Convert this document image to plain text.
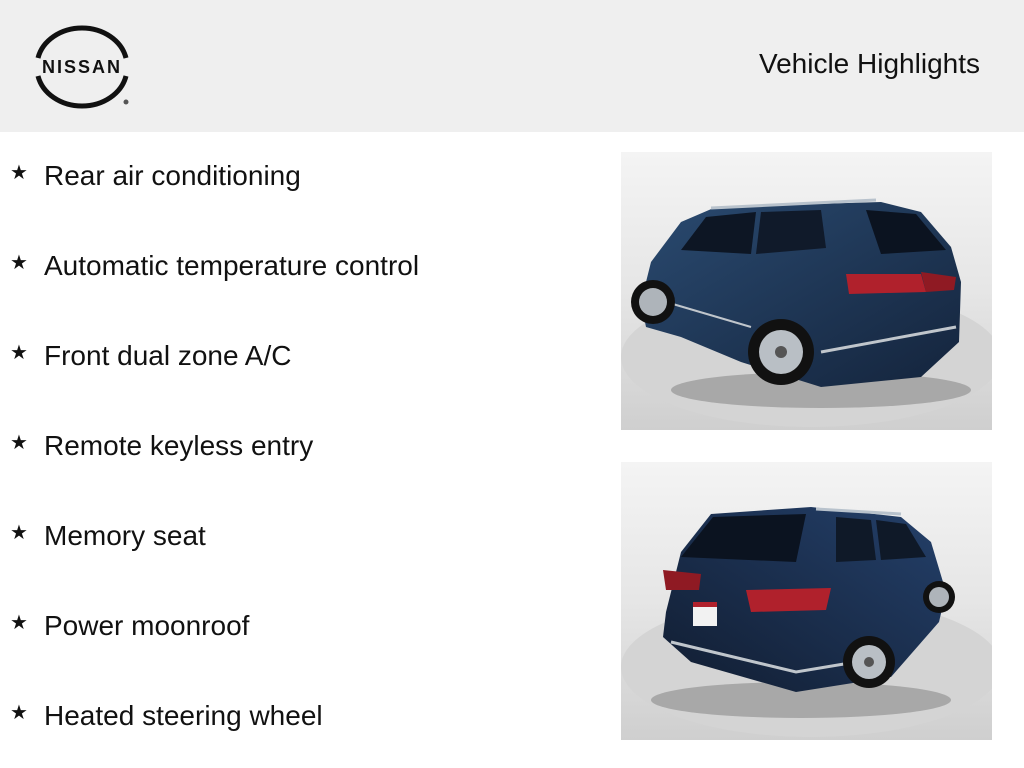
NISSAN	Vehicle Highlights
★ Rear air conditioning
★ Automatic temperature control
★ Front dual zone A/C
★ Remote keyless entry
★ Memory seat
★ Power moonroof
★ Heated steering wheel
